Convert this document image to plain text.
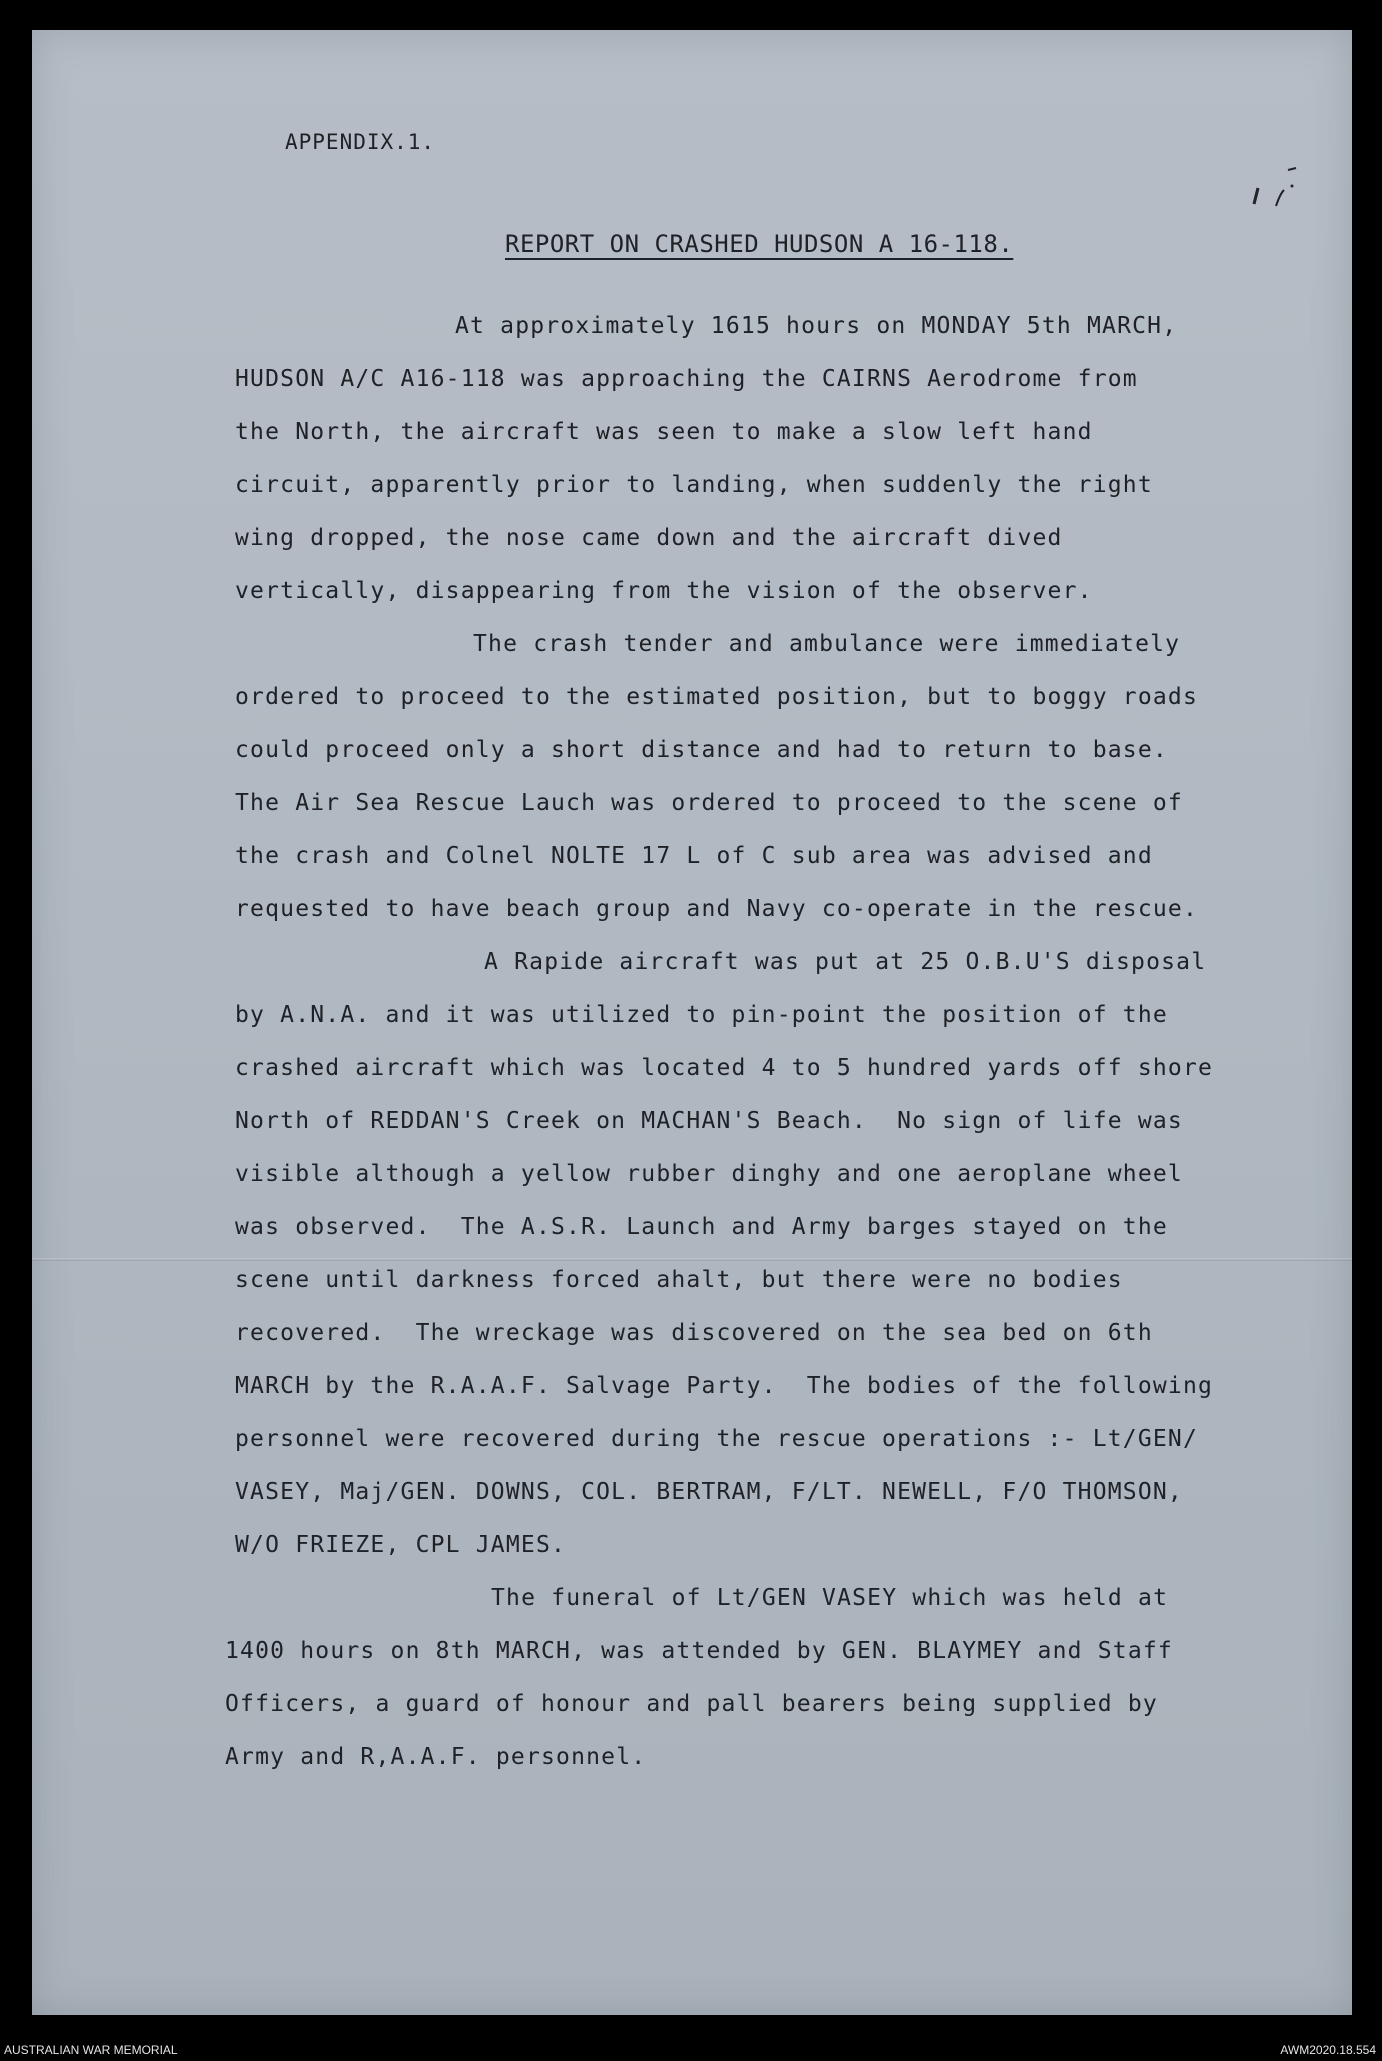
APPENDIX.1.
REPORT ON CRASHED HUDSON A 16-118.
At approximately 1615 hours on MONDAY 5th MARCH,
HUDSON A/C A16-118 was approaching the CAIRNS Aerodrome from
the North, the aircraft was seen to make a slow left hand
circuit, apparently prior to landing, when suddenly the right
wing dropped, the nose came down and the aircraft dived
vertically, disappearing from the vision of the observer.
The crash tender and ambulance were immediately
ordered to proceed to the estimated position, but to boggy roads
could proceed only a short distance and had to return to base.
The Air Sea Rescue Lauch was ordered to proceed to the scene of
the crash and Colnel NOLTE 17 L of C sub area was advised and
requested to have beach group and Navy co-operate in the rescue.
A Rapide aircraft was put at 25 O.B.U'S disposal
by A.N.A. and it was utilized to pin-point the position of the
crashed aircraft which was located 4 to 5 hundred yards off shore
North of REDDAN'S Creek on MACHAN'S Beach.  No sign of life was
visible although a yellow rubber dinghy and one aeroplane wheel
was observed.  The A.S.R. Launch and Army barges stayed on the
scene until darkness forced ahalt, but there were no bodies
recovered.  The wreckage was discovered on the sea bed on 6th
MARCH by the R.A.A.F. Salvage Party.  The bodies of the following
personnel were recovered during the rescue operations :- Lt/GEN/
VASEY, Maj/GEN. DOWNS, COL. BERTRAM, F/LT. NEWELL, F/O THOMSON,
W/O FRIEZE, CPL JAMES.
The funeral of Lt/GEN VASEY which was held at
1400 hours on 8th MARCH, was attended by GEN. BLAYMEY and Staff
Officers, a guard of honour and pall bearers being supplied by
Army and R,A.A.F. personnel.
AUSTRALIAN WAR MEMORIAL	AWM2020.18.554
